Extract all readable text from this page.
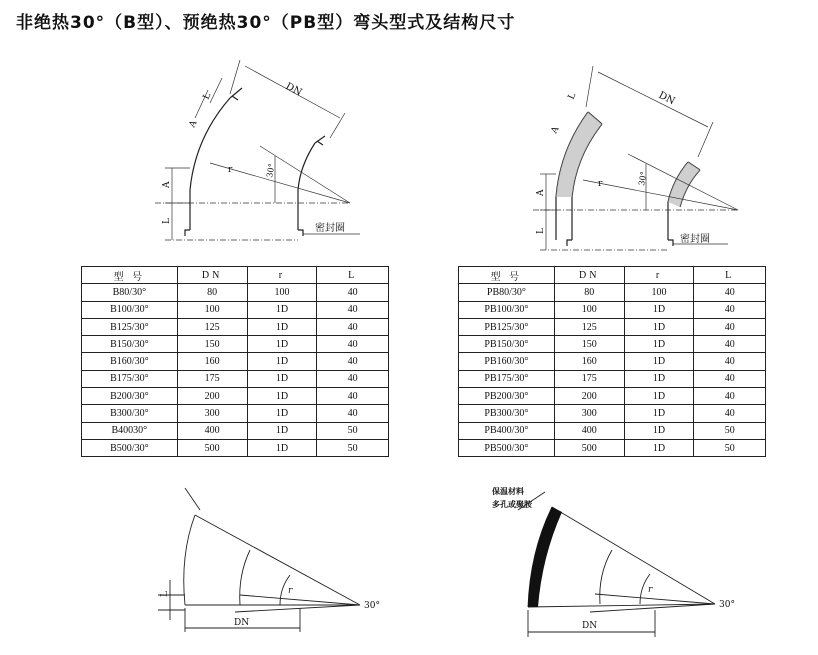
非绝热30°（B型）、预绝热30°（PB型）弯头型式及结构尺寸
DN
A
L
A
L
r	30°
密封圈
DN
A
L
A
L
r	30°
密封圈
型 号	DN	r	L
B80/30°	80	100	40
B100/30°	100	1D	40
B125/30°	125	1D	40
B150/30°	150	1D	40
B160/30°	160	1D	40
B175/30°	175	1D	40
B200/30°	200	1D	40
B300/30°	300	1D	40
B40030°	400	1D	50
B500/30°	500	1D	50
型 号	DN	r	L
PB80/30°	80	100	40
PB100/30°	100	1D	40
PB125/30°	125	1D	40
PB150/30°	150	1D	40
PB160/30°	160	1D	40
PB175/30°	175	1D	40
PB200/30°	200	1D	40
PB300/30°	300	1D	40
PB400/30°	400	1D	50
PB500/30°	500	1D	50
DN
L	r
30°
保温材料
多孔或聚胺
DN
r
30°
